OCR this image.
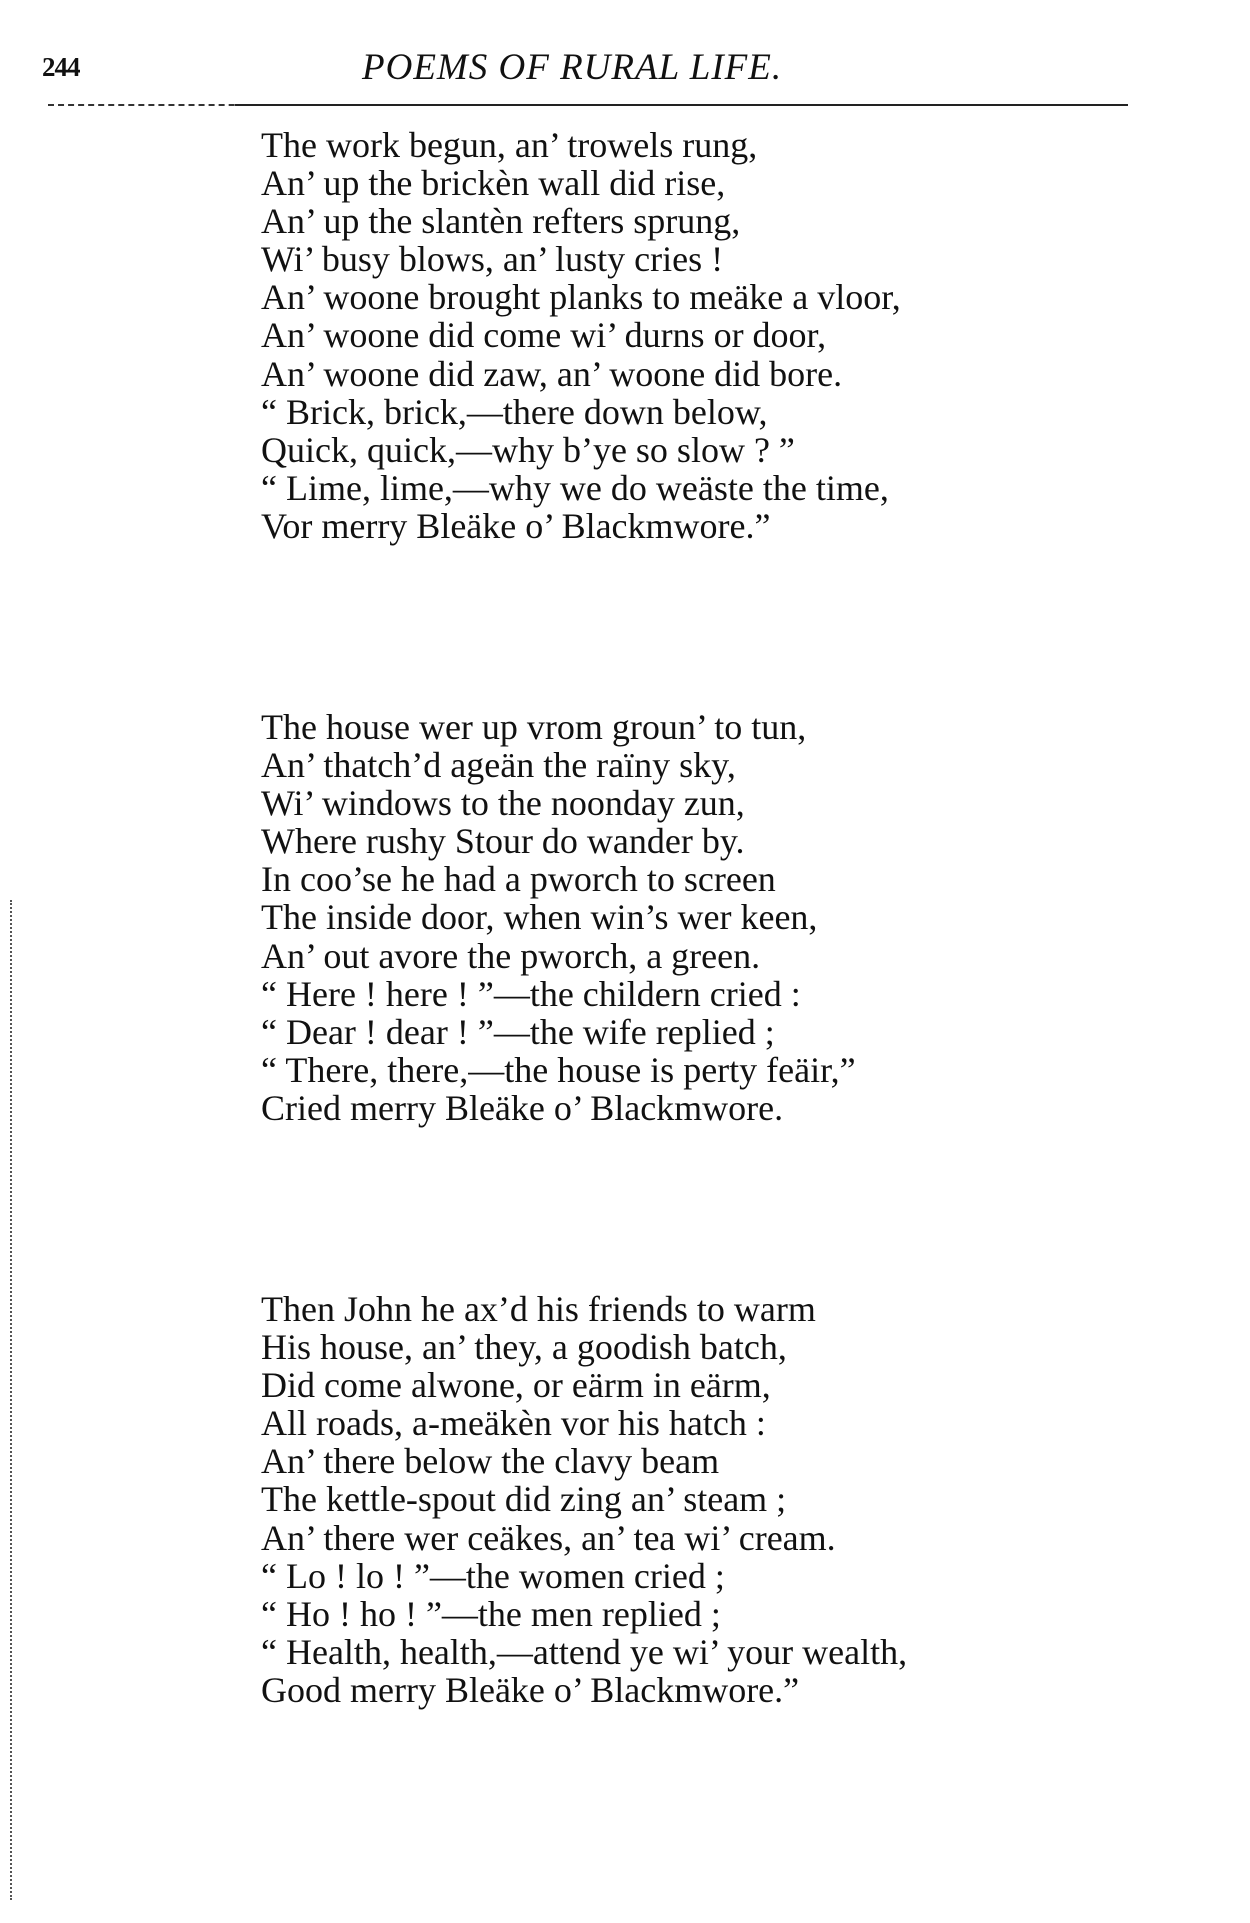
244	POEMS OF RURAL LIFE.
The work begun, an’ trowels rung,
An’ up the brickèn wall did rise,
An’ up the slantèn refters sprung,
Wi’ busy blows, an’ lusty cries !
An’ woone brought planks to meäke a vloor,
An’ woone did come wi’ durns or door,
An’ woone did zaw, an’ woone did bore.
“ Brick, brick,—there down below,
Quick, quick,—why b’ye so slow ? ”
“ Lime, lime,—why we do weäste the time,
Vor merry Bleäke o’ Blackmwore.”
The house wer up vrom groun’ to tun,
An’ thatch’d ageän the raïny sky,
Wi’ windows to the noonday zun,
Where rushy Stour do wander by.
In coo’se he had a pworch to screen
The inside door, when win’s wer keen,
An’ out avore the pworch, a green.
“ Here ! here ! ”—the childern cried :
“ Dear ! dear ! ”—the wife replied ;
“ There, there,—the house is perty feäir,”
Cried merry Bleäke o’ Blackmwore.
Then John he ax’d his friends to warm
His house, an’ they, a goodish batch,
Did come alwone, or eärm in eärm,
All roads, a-meäkèn vor his hatch :
An’ there below the clavy beam
The kettle-spout did zing an’ steam ;
An’ there wer ceäkes, an’ tea wi’ cream.
“ Lo ! lo ! ”—the women cried ;
“ Ho ! ho ! ”—the men replied ;
“ Health, health,—attend ye wi’ your wealth,
Good merry Bleäke o’ Blackmwore.”
